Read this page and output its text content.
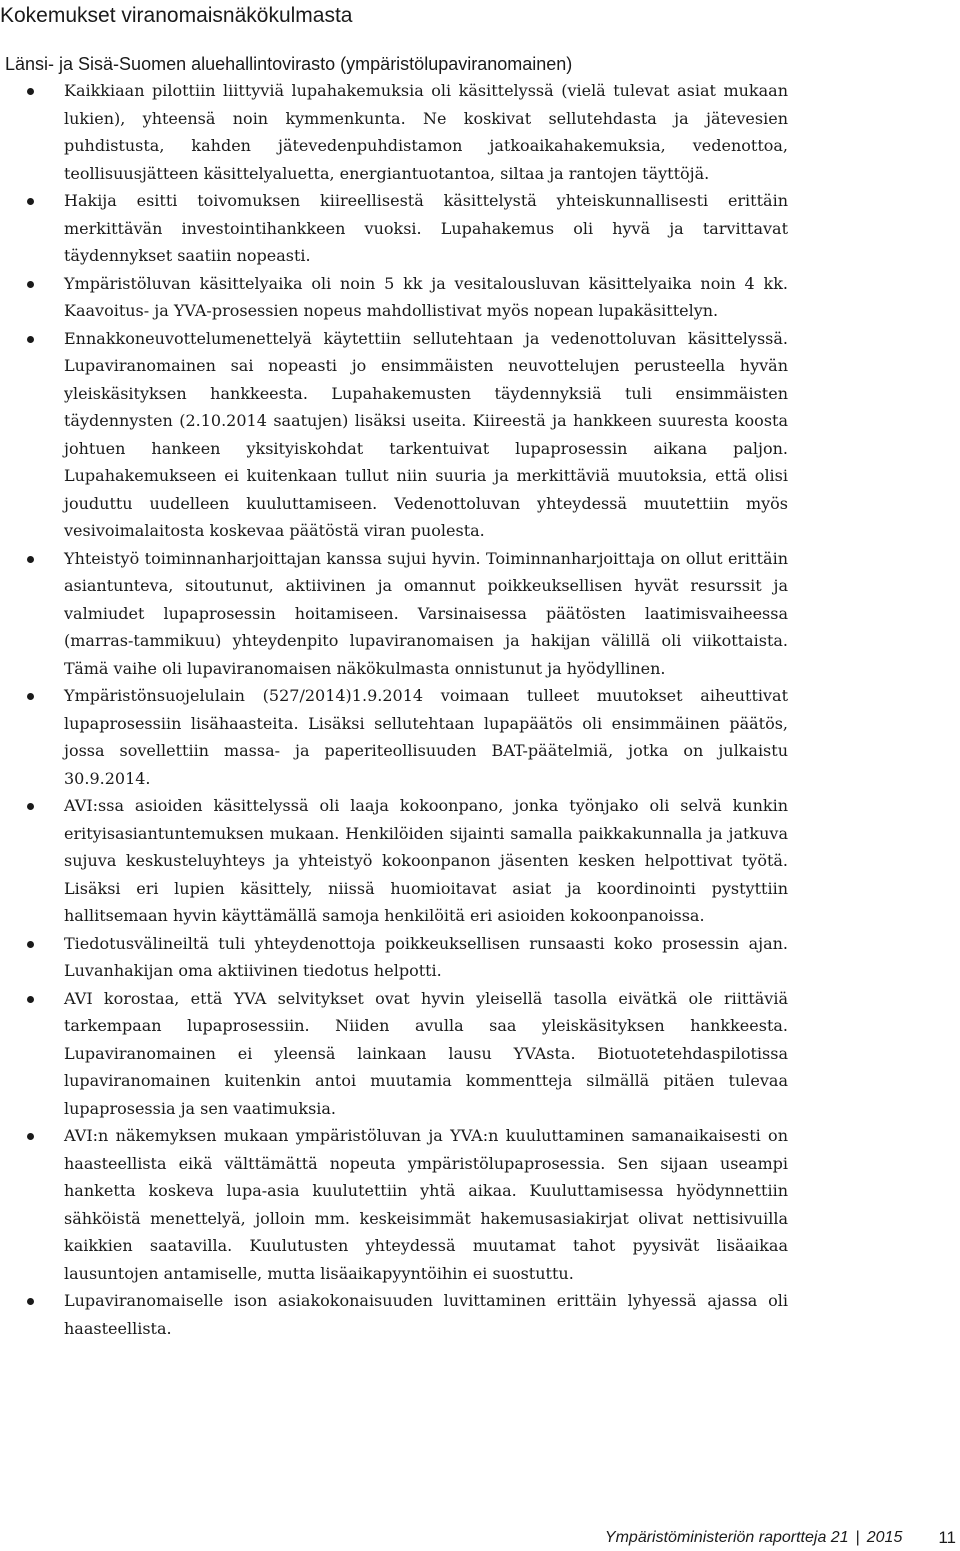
Kokemukset viranomaisnäkökulmasta
Länsi- ja Sisä-Suomen aluehallintovirasto (ympäristölupaviranomainen)
Kaikkiaan pilottiin liittyviä lupahakemuksia oli käsittelyssä (vielä tulevat asiat mukaan lukien), yhteensä noin kymmenkunta. Ne koskivat sellutehdasta ja jätevesien puhdistusta, kahden jätevedenpuhdistamon jatkoaikahakemuksia, vedenottoa, teollisuusjätteen käsittelyaluetta, energiantuotantoa, siltaa ja rantojen täyttöjä.
Hakija esitti toivomuksen kiireellisestä käsittelystä yhteiskunnallisesti erittäin merkittävän investointihankkeen vuoksi. Lupahakemus oli hyvä ja tarvittavat täydennykset saatiin nopeasti.
Ympäristöluvan käsittelyaika oli noin 5 kk ja vesitalousluvan käsittelyaika noin 4 kk. Kaavoitus- ja YVA-prosessien nopeus mahdollistivat myös nopean lupakäsittelyn.
Ennakkoneuvottelumenettelyä käytettiin sellutehtaan ja vedenottoluvan käsittelyssä. Lupaviranomainen sai nopeasti jo ensimmäisten neuvottelujen perusteella hyvän yleiskäsityksen hankkeesta. Lupahakemusten täydennyksiä tuli ensimmäisten täydennysten (2.10.2014 saatujen) lisäksi useita. Kiireestä ja hankkeen suuresta koosta johtuen hankeen yksityiskohdat tarkentuivat lupaprosessin aikana paljon. Lupahakemukseen ei kuitenkaan tullut niin suuria ja merkittäviä muutoksia, että olisi jouduttu uudelleen kuuluttamiseen. Vedenottoluvan yhteydessä muutettiin myös vesivoimalaitosta koskevaa päätöstä viran puolesta.
Yhteistyö toiminnanharjoittajan kanssa sujui hyvin. Toiminnanharjoittaja on ollut erittäin asiantunteva, sitoutunut, aktiivinen ja omannut poikkeuksellisen hyvät resurssit ja valmiudet lupaprosessin hoitamiseen. Varsinaisessa päätösten laatimisvaiheessa (marras-tammikuu) yhteydenpito lupaviranomaisen ja hakijan välillä oli viikottaista. Tämä vaihe oli lupaviranomaisen näkökulmasta onnistunut ja hyödyllinen.
Ympäristönsuojelulain (527/2014)1.9.2014 voimaan tulleet muutokset aiheuttivat lupaprosessiin lisähaasteita. Lisäksi sellutehtaan lupapäätös oli ensimmäinen päätös, jossa sovellettiin massa- ja paperiteollisuuden BAT-päätelmiä, jotka on julkaistu 30.9.2014.
AVI:ssa asioiden käsittelyssä oli laaja kokoonpano, jonka työnjako oli selvä kunkin erityisasiantuntemuksen mukaan. Henkilöiden sijainti samalla paikkakunnalla ja jatkuva sujuva keskusteluyhteys ja yhteistyö kokoonpanon jäsenten kesken helpottivat työtä. Lisäksi eri lupien käsittely, niissä huomioitavat asiat ja koordinointi pystyttiin hallitsemaan hyvin käyttämällä samoja henkilöitä eri asioiden kokoonpanoissa.
Tiedotusvälineiltä tuli yhteydenottoja poikkeuksellisen runsaasti koko prosessin ajan. Luvanhakijan oma aktiivinen tiedotus helpotti.
AVI korostaa, että YVA selvitykset ovat hyvin yleisellä tasolla eivätkä ole riittäviä tarkempaan lupaprosessiin. Niiden avulla saa yleiskäsityksen hankkeesta. Lupaviranomainen ei yleensä lainkaan lausu YVAsta. Biotuotetehdaspilotissa lupaviranomainen kuitenkin antoi muutamia kommentteja silmällä pitäen tulevaa lupaprosessia ja sen vaatimuksia.
AVI:n näkemyksen mukaan ympäristöluvan ja YVA:n kuuluttaminen samanaikaisesti on haasteellista eikä välttämättä nopeuta ympäristölupaprosessia. Sen sijaan useampi hanketta koskeva lupa-asia kuulutettiin yhtä aikaa. Kuuluttamisessa hyödynnettiin sähköistä menettelyä, jolloin mm. keskeisimmät hakemusasiakirjat olivat nettisivuilla kaikkien saatavilla. Kuulutusten yhteydessä muutamat tahot pyysivät lisäaikaa lausuntojen antamiselle, mutta lisäaikapyyntöihin ei suostuttu.
Lupaviranomaiselle ison asiakokonaisuuden luvittaminen erittäin lyhyessä ajassa oli haasteellista.
Ympäristöministeriön raportteja 21 | 2015 11
